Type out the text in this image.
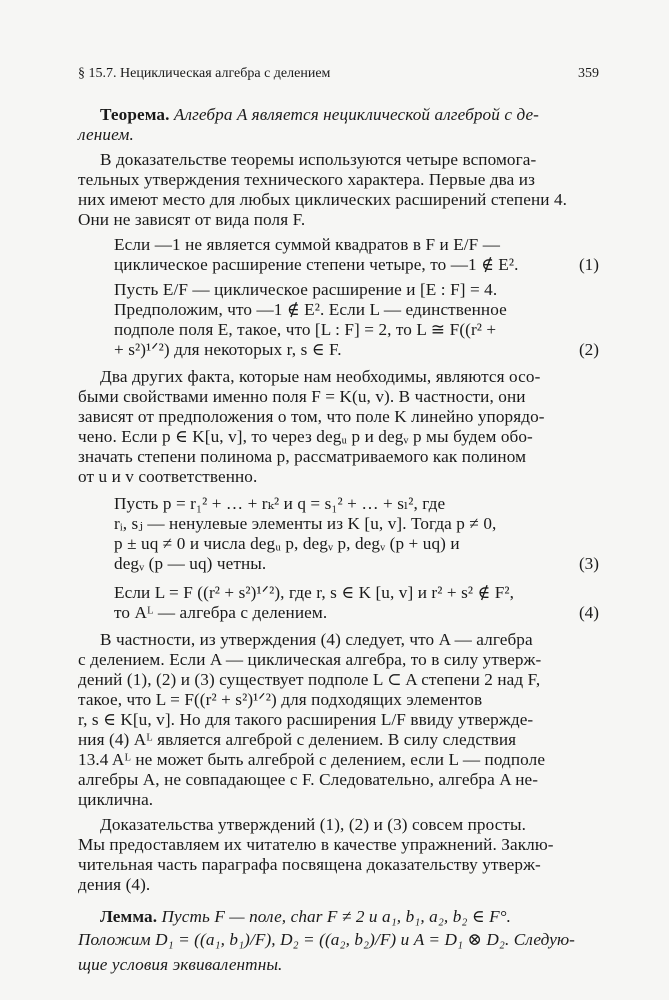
§ 15.7. Нециклическая алгебра с делением	359
Теорема. Алгебра A является нециклической алгеброй с де-
лением.
В доказательстве теоремы используются четыре вспомога-
тельных утверждения технического характера. Первые два из
них имеют место для любых циклических расширений степени 4.
Они не зависят от вида поля F.
Если —1 не является суммой квадратов в F и E/F —
циклическое расширение степени четыре, то —1 ∉ E².	(1)
Пусть E/F — циклическое расширение и [E : F] = 4.
Предположим, что —1 ∉ E². Если L — единственное
подполе поля E, такое, что [L : F] = 2, то L ≅ F((r² +
+ s²)¹ᐟ²) для некоторых r, s ∈ F.	(2)
Два других факта, которые нам необходимы, являются осо-
быми свойствами именно поля F = K(u, v). В частности, они
зависят от предположения о том, что поле K линейно упорядо-
чено. Если p ∈ K[u, v], то через degᵤ p и degᵥ p мы будем обо-
значать степени полинома p, рассматриваемого как полином
от u и v соответственно.
Пусть p = r₁² + … + rₖ² и q = s₁² + … + sₗ², где
rᵢ, sⱼ — ненулевые элементы из K [u, v]. Тогда p ≠ 0,
p ± uq ≠ 0 и числа degᵤ p, degᵥ p, degᵥ (p + uq) и
degᵥ (p — uq) четны.	(3)
Если L = F ((r² + s²)¹ᐟ²), где r, s ∈ K [u, v] и r² + s² ∉ F²,
то Aᴸ — алгебра с делением.	(4)
В частности, из утверждения (4) следует, что A — алгебра
с делением. Если A — циклическая алгебра, то в силу утверж-
дений (1), (2) и (3) существует подполе L ⊂ A степени 2 над F,
такое, что L = F((r² + s²)¹ᐟ²) для подходящих элементов
r, s ∈ K[u, v]. Но для такого расширения L/F ввиду утвержде-
ния (4) Aᴸ является алгеброй с делением. В силу следствия
13.4 Aᴸ не может быть алгеброй с делением, если L — подполе
алгебры A, не совпадающее с F. Следовательно, алгебра A не-
циклична.
Доказательства утверждений (1), (2) и (3) совсем просты.
Мы предоставляем их читателю в качестве упражнений. Заклю-
чительная часть параграфа посвящена доказательству утверж-
дения (4).
Лемма. Пусть F — поле, char F ≠ 2 и a₁, b₁, a₂, b₂ ∈ F°.
Положим D₁ = ((a₁, b₁)/F), D₂ = ((a₂, b₂)/F) и A = D₁ ⊗ D₂. Следую-
щие условия эквивалентны.
